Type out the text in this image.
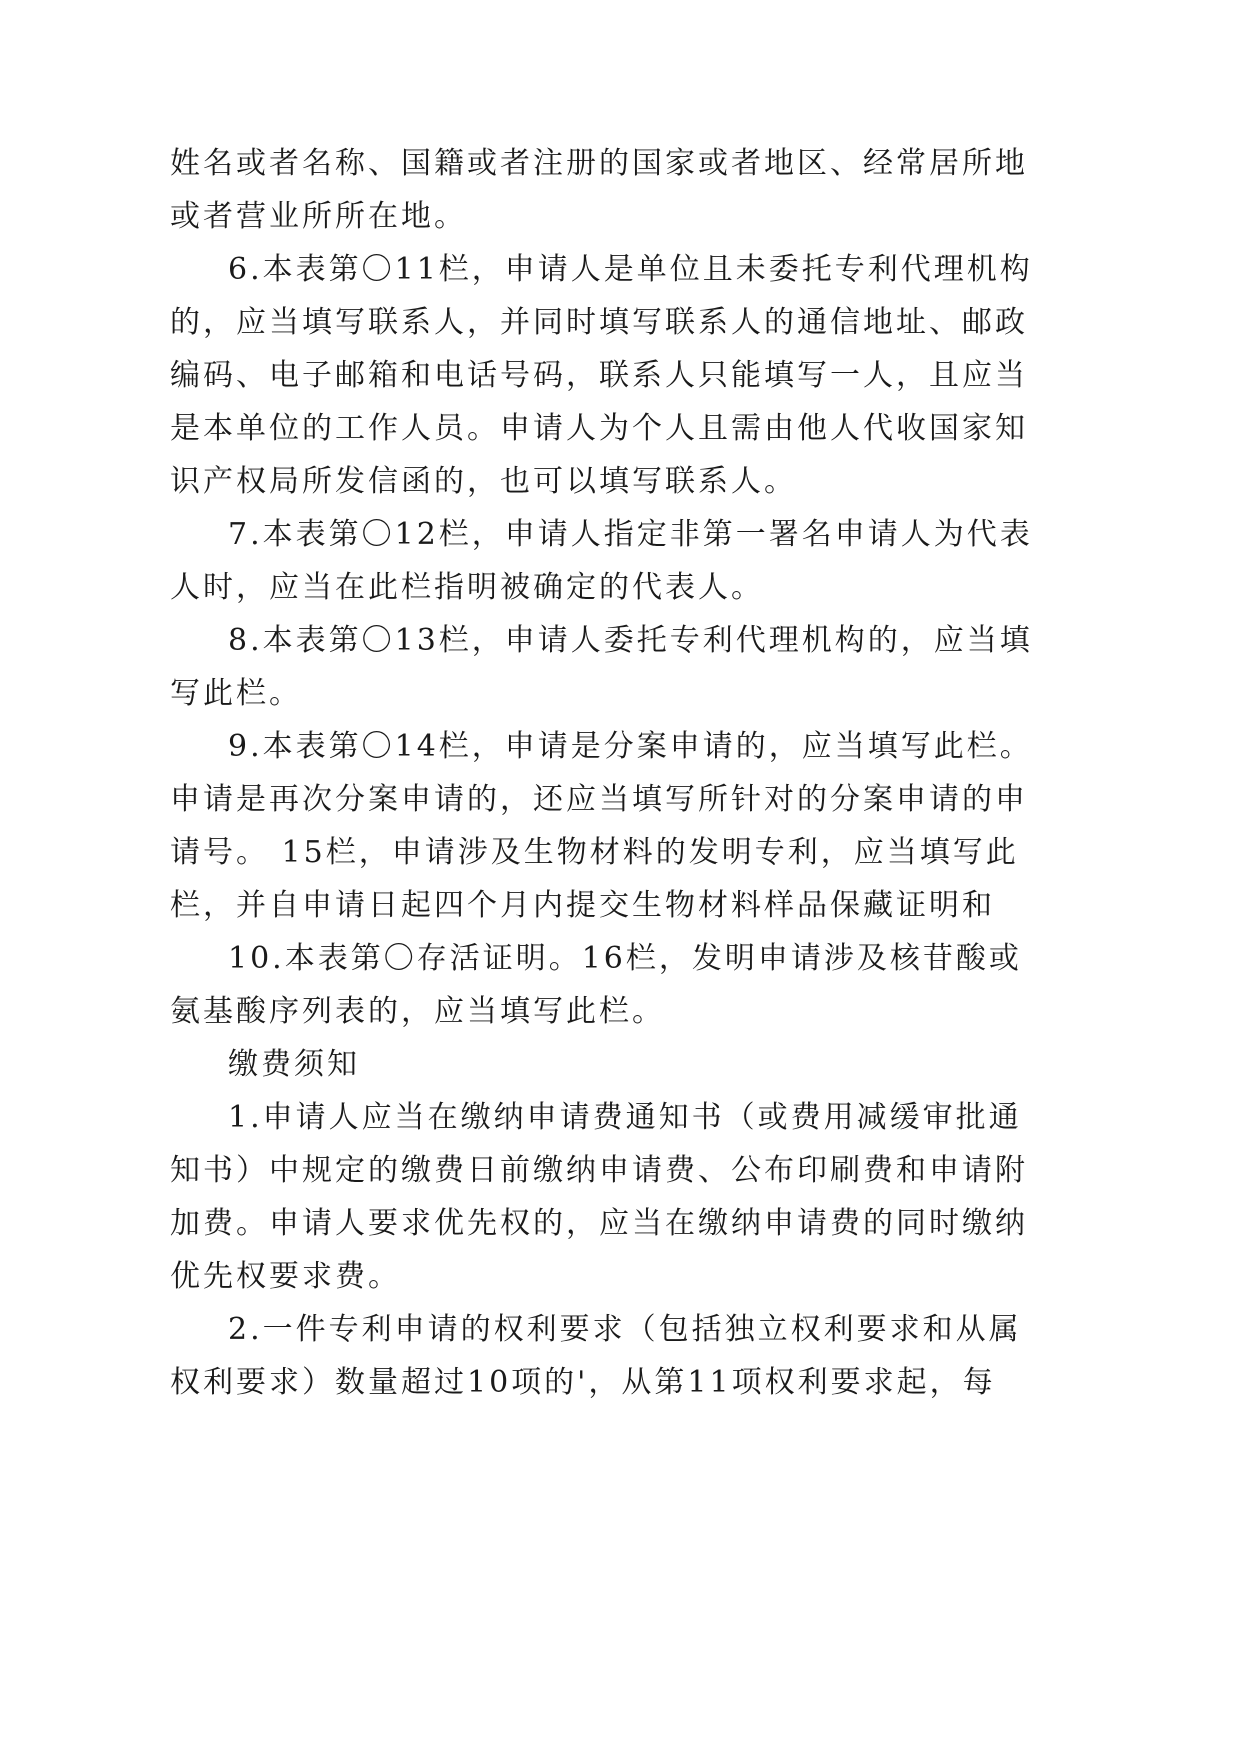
姓名或者名称、国籍或者注册的国家或者地区、经常居所地
或者营业所所在地。
6.本表第〇11栏，申请人是单位且未委托专利代理机构
的，应当填写联系人，并同时填写联系人的通信地址、邮政
编码、电子邮箱和电话号码，联系人只能填写一人，且应当
是本单位的工作人员。申请人为个人且需由他人代收国家知
识产权局所发信函的，也可以填写联系人。
7.本表第〇12栏，申请人指定非第一署名申请人为代表
人时，应当在此栏指明被确定的代表人。
8.本表第〇13栏，申请人委托专利代理机构的，应当填
写此栏。
9.本表第〇14栏，申请是分案申请的，应当填写此栏。
申请是再次分案申请的，还应当填写所针对的分案申请的申
请号。 15栏，申请涉及生物材料的发明专利，应当填写此
栏，并自申请日起四个月内提交生物材料样品保藏证明和
10.本表第〇存活证明。16栏，发明申请涉及核苷酸或
氨基酸序列表的，应当填写此栏。
缴费须知
1.申请人应当在缴纳申请费通知书（或费用减缓审批通
知书）中规定的缴费日前缴纳申请费、公布印刷费和申请附
加费。申请人要求优先权的，应当在缴纳申请费的同时缴纳
优先权要求费。
2.一件专利申请的权利要求（包括独立权利要求和从属
权利要求）数量超过10项的'，从第11项权利要求起，每
